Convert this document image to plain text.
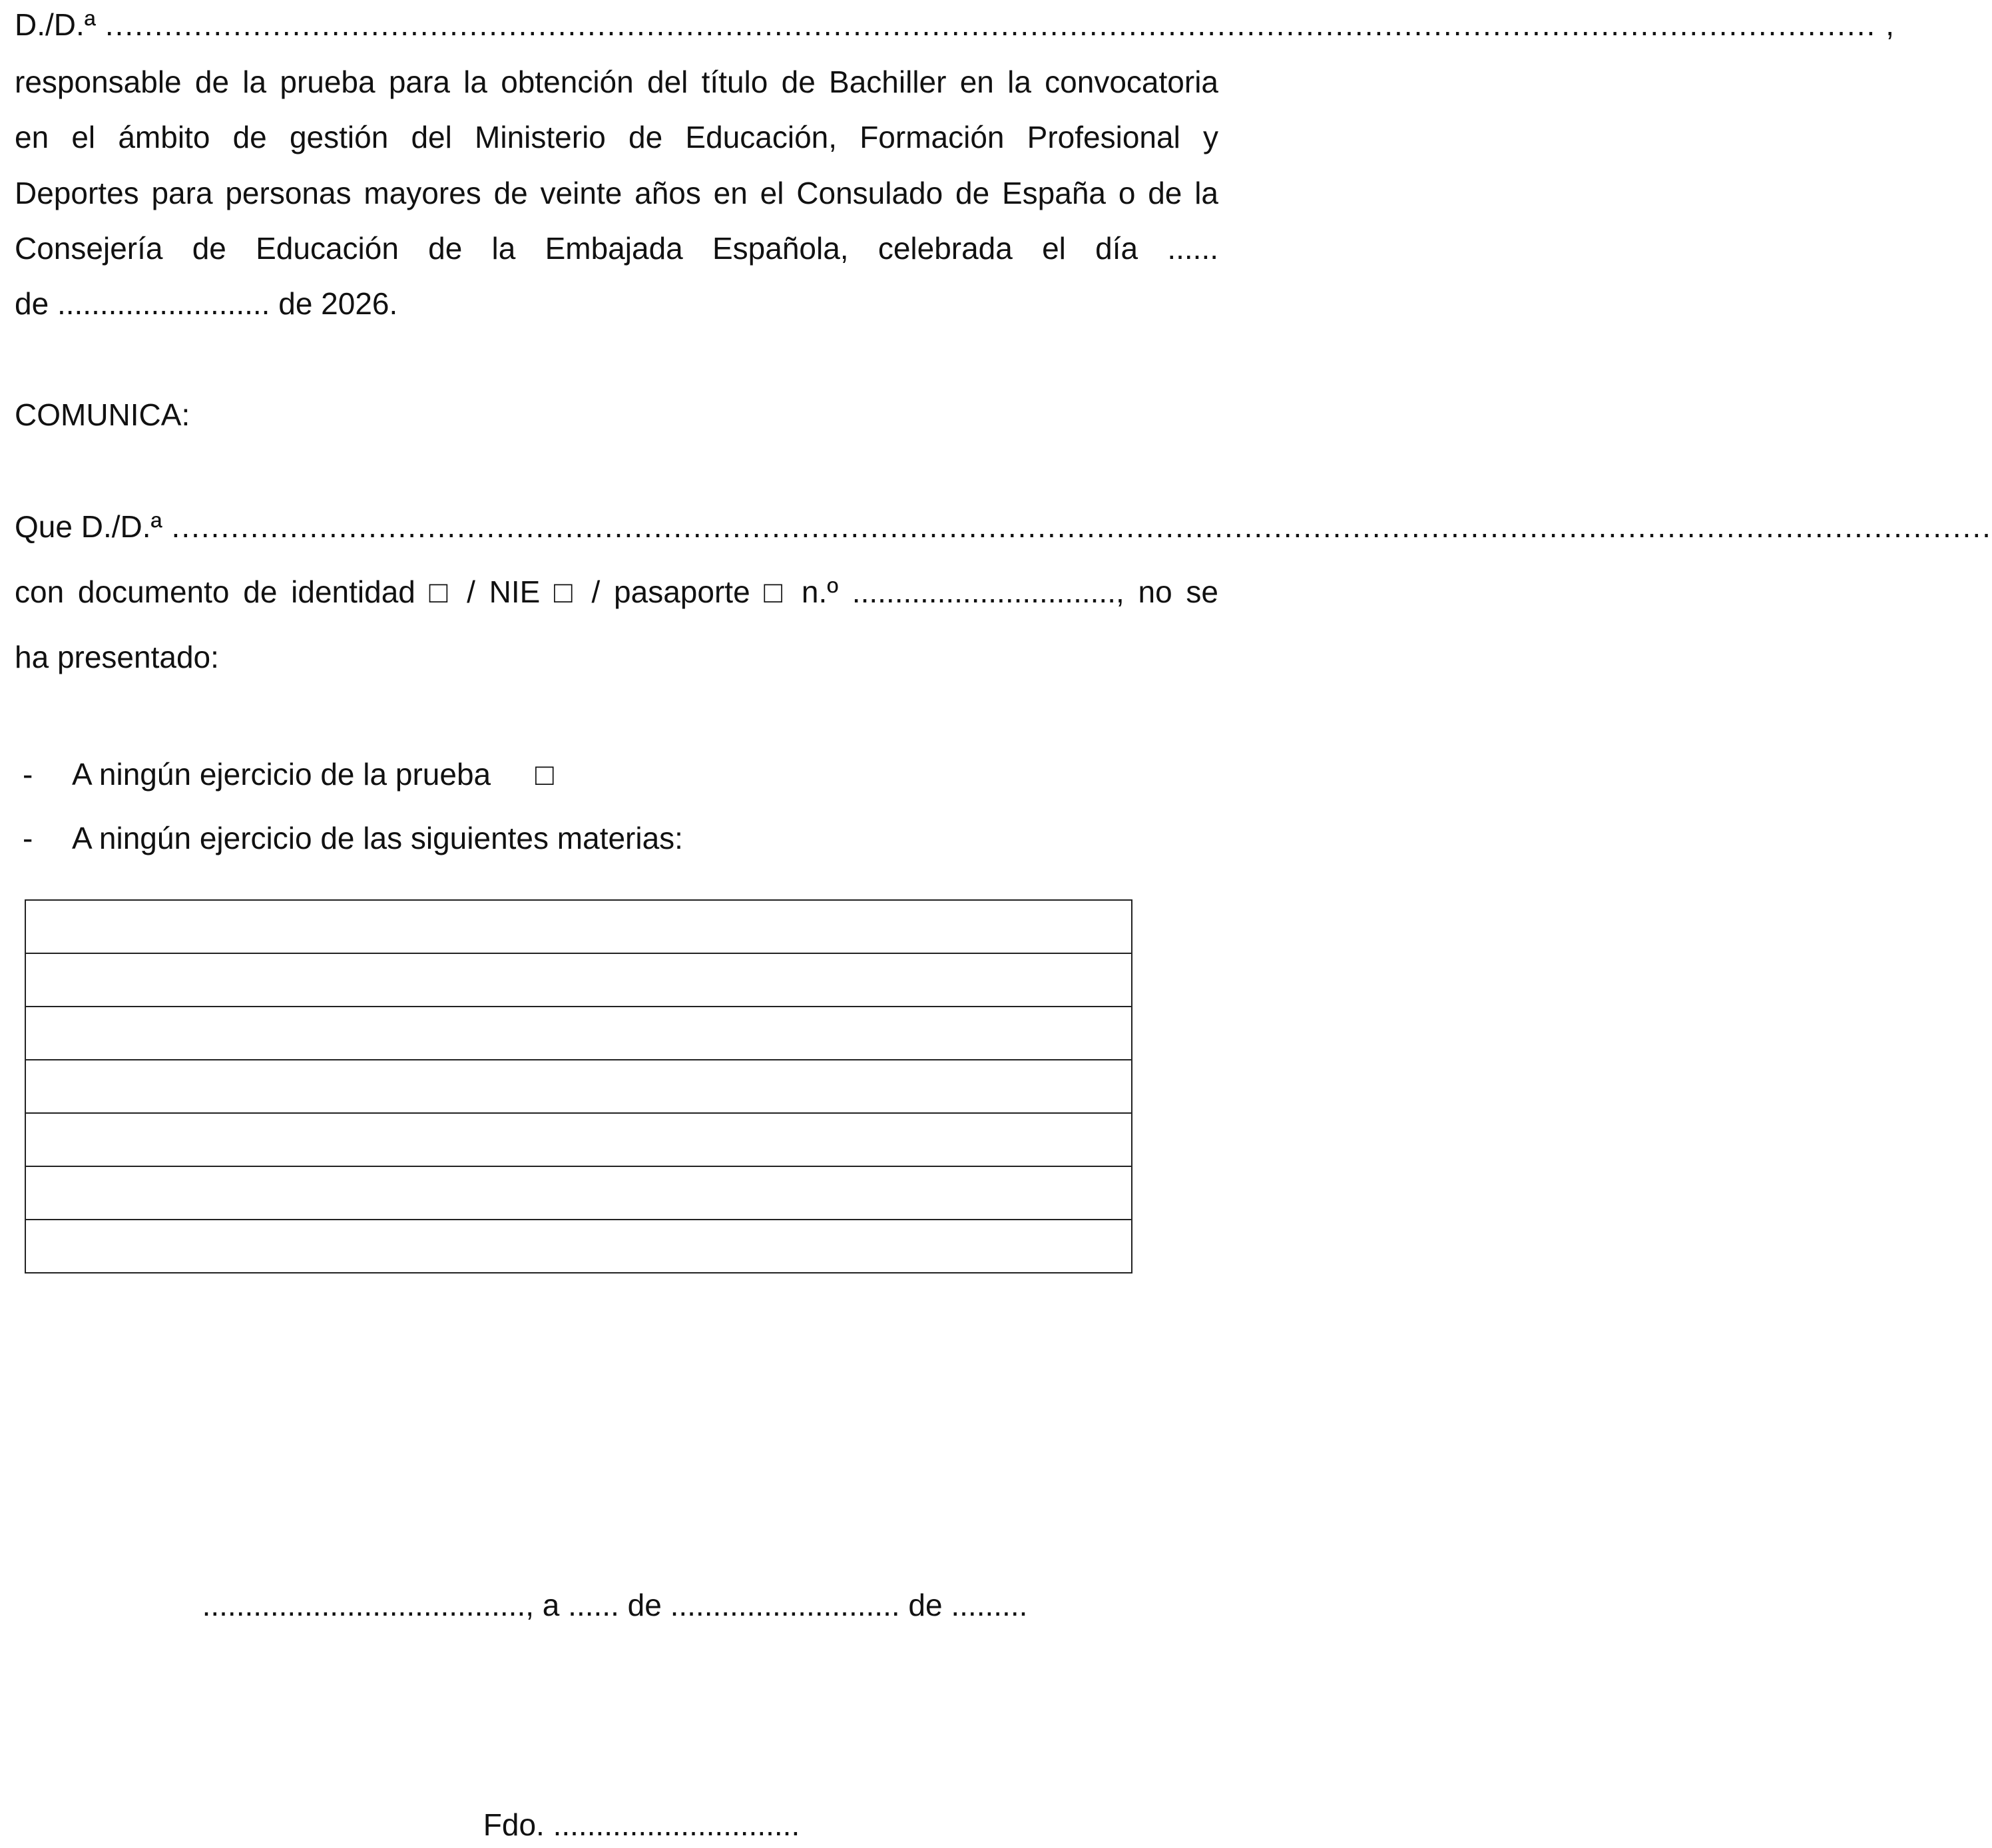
D./D.ª .................................................................................................................................................................................... ,
responsable de la prueba para la obtención del título de Bachiller en la convocatoria
en el ámbito de gestión del Ministerio de Educación, Formación Profesional y
Deportes para personas mayores de veinte años en el Consulado de España o de la
Consejería de Educación de la Embajada Española, celebrada el día ......
de ......................... de 2026.
COMUNICA:
Que D./D.ª .........................................................................................................................................................................................
con documento de identidad □ / NIE □ / pasaporte □ n.º ..............................., no se
ha presentado:
- A ningún ejercicio de la prueba □
- A ningún ejercicio de las siguientes materias:

......................................, a ...... de ........................... de .........
Fdo. .............................
